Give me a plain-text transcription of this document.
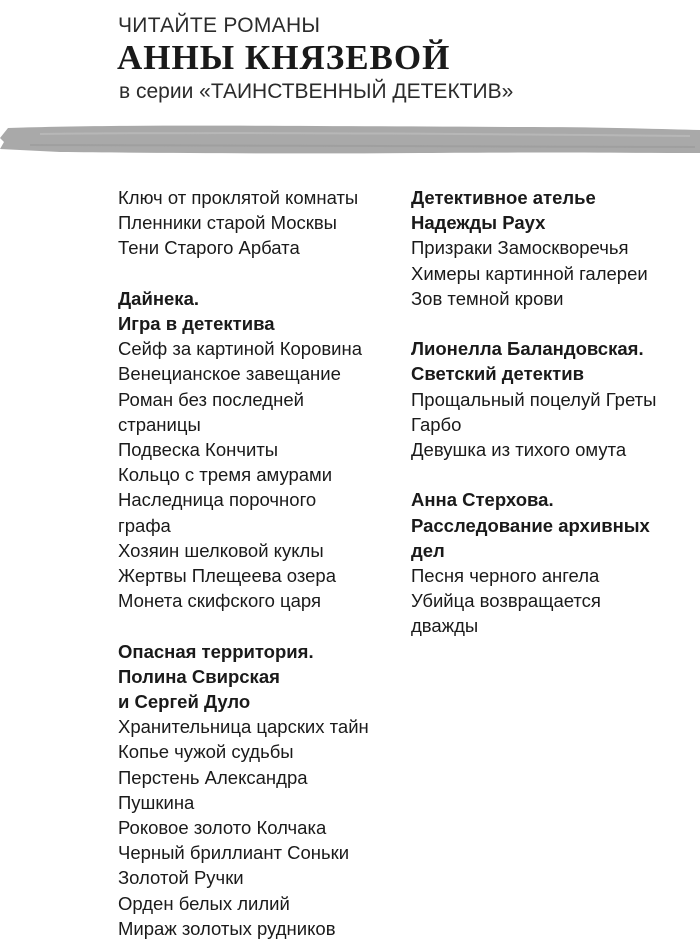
ЧИТАЙТЕ РОМАНЫ
АННЫ КНЯЗЕВОЙ
в серии «ТАИНСТВЕННЫЙ ДЕТЕКТИВ»
Ключ от проклятой комнаты
Пленники старой Москвы
Тени Старого Арбата
Дайнека.
Игра в детектива
Сейф за картиной Коровина
Венецианское завещание
Роман без последней
страницы
Подвеска Кончиты
Кольцо с тремя амурами
Наследница порочного
графа
Хозяин шелковой куклы
Жертвы Плещеева озера
Монета скифского царя
Опасная территория.
Полина Свирская
и Сергей Дуло
Хранительница царских тайн
Копье чужой судьбы
Перстень Александра
Пушкина
Роковое золото Колчака
Черный бриллиант Соньки
Золотой Ручки
Орден белых лилий
Мираж золотых рудников
Детективное ателье
Надежды Раух
Призраки Замоскворечья
Химеры картинной галереи
Зов темной крови
Лионелла Баландовская.
Светский детектив
Прощальный поцелуй Греты
Гарбо
Девушка из тихого омута
Анна Стерхова.
Расследование архивных
дел
Песня черного ангела
Убийца возвращается
дважды
